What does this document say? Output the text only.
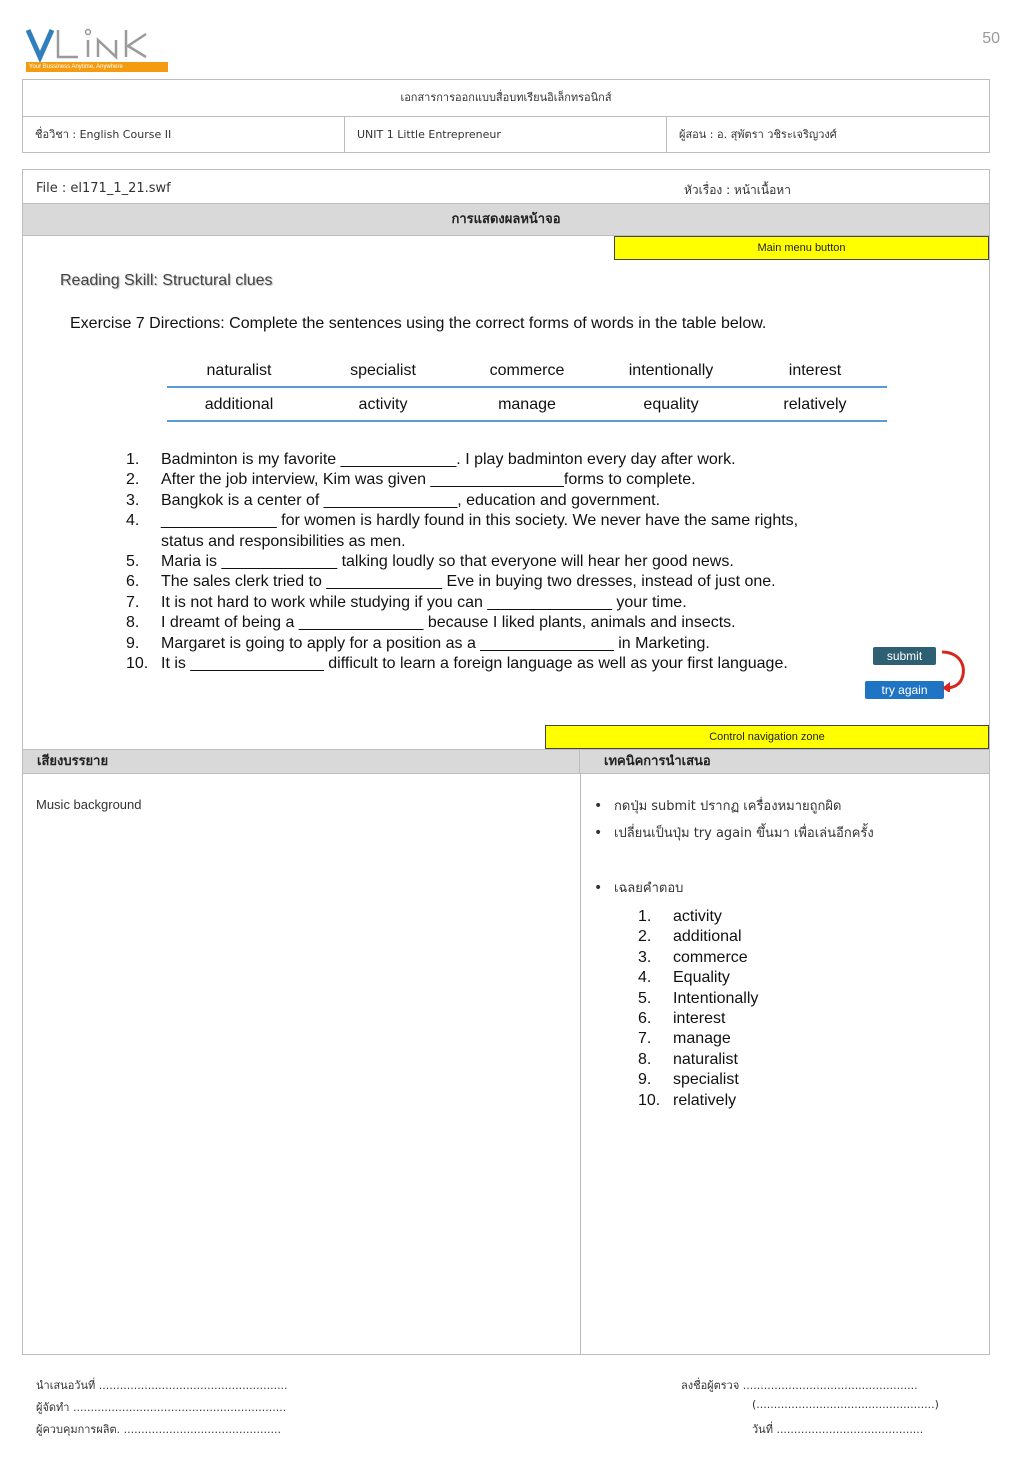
50
Your Bussiness Anytime, Anywhere
เอกสารการออกแบบสื่อบทเรียนอิเล็กทรอนิกส์
ชื่อวิชา : English Course II	UNIT 1 Little Entrepreneur	ผู้สอน : อ. สุพัตรา วชิระเจริญวงศ์
File : el171_1_21.swf	หัวเรื่อง : หน้าเนื้อหา
การแสดงผลหน้าจอ
Main menu button
Reading Skill: Structural clues
Exercise 7 Directions: Complete the sentences using the correct forms of words in the table below.
naturalist	specialist	commerce	intentionally	interest
additional	activity	manage	equality	relatively
1.	Badminton is my favorite _____________. I play badminton every day after work.
2.	After the job interview, Kim was given _______________forms to complete.
3.	Bangkok is a center of _______________, education and government.
4.	_____________ for women is hardly found in this society. We never have the same rights, status and responsibilities as men.
5.	Maria is _____________ talking loudly so that everyone will hear her good news.
6.	The sales clerk tried to _____________ Eve in buying two dresses, instead of just one.
7.	It is not hard to work while studying if you can ______________ your time.
8.	I dreamt of being a ______________ because I liked plants, animals and insects.
9.	Margaret is going to apply for a position as a _______________ in Marketing.
10. It is _______________ difficult to learn a foreign language as well as your first language.	submit
try again
Control navigation zone
เสียงบรรยาย	เทคนิคการนำเสนอ
Music background	• กดปุ่ม submit ปรากฏ เครื่องหมายถูกผิด
• เปลี่ยนเป็นปุ่ม try again ขึ้นมา เพื่อเล่นอีกครั้ง
• เฉลยคำตอบ
1.	activity
2.	additional
3.	commerce
4.	Equality
5.	Intentionally
6.	interest
7.	manage
8.	naturalist
9.	specialist
10. relatively
นำเสนอวันที่ ......................................................
ผู้จัดทำ .............................................................
ผู้ควบคุมการผลิต. .............................................
ลงชื่อผู้ตรวจ ..................................................
(...................................................)
วันที่ ..........................................
